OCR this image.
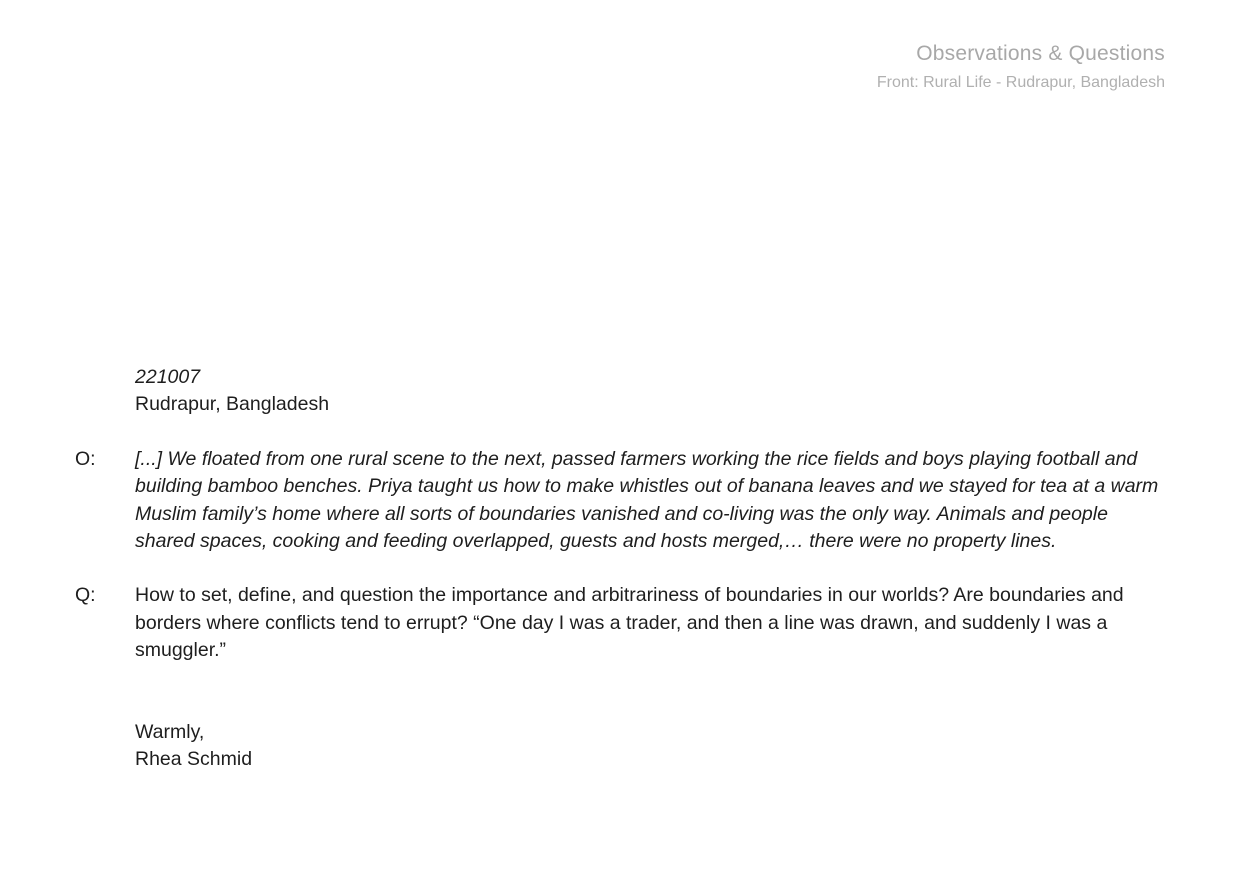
Observations & Questions
Front: Rural Life - Rudrapur, Bangladesh
221007
Rudrapur, Bangladesh
O: [...] We floated from one rural scene to the next, passed farmers working the rice fields and boys playing football and building bamboo benches. Priya taught us how to make whistles out of banana leaves and we stayed for tea at a warm Muslim family’s home where all sorts of boundaries vanished and co-living was the only way. Animals and people shared spaces, cooking and feeding overlapped, guests and hosts merged,… there were no property lines.
Q: How to set, define, and question the importance and arbitrariness of boundaries in our worlds? Are boundaries and borders where conflicts tend to errupt? “One day I was a trader, and then a line was drawn, and suddenly I was a smuggler.”
Warmly,
Rhea Schmid
